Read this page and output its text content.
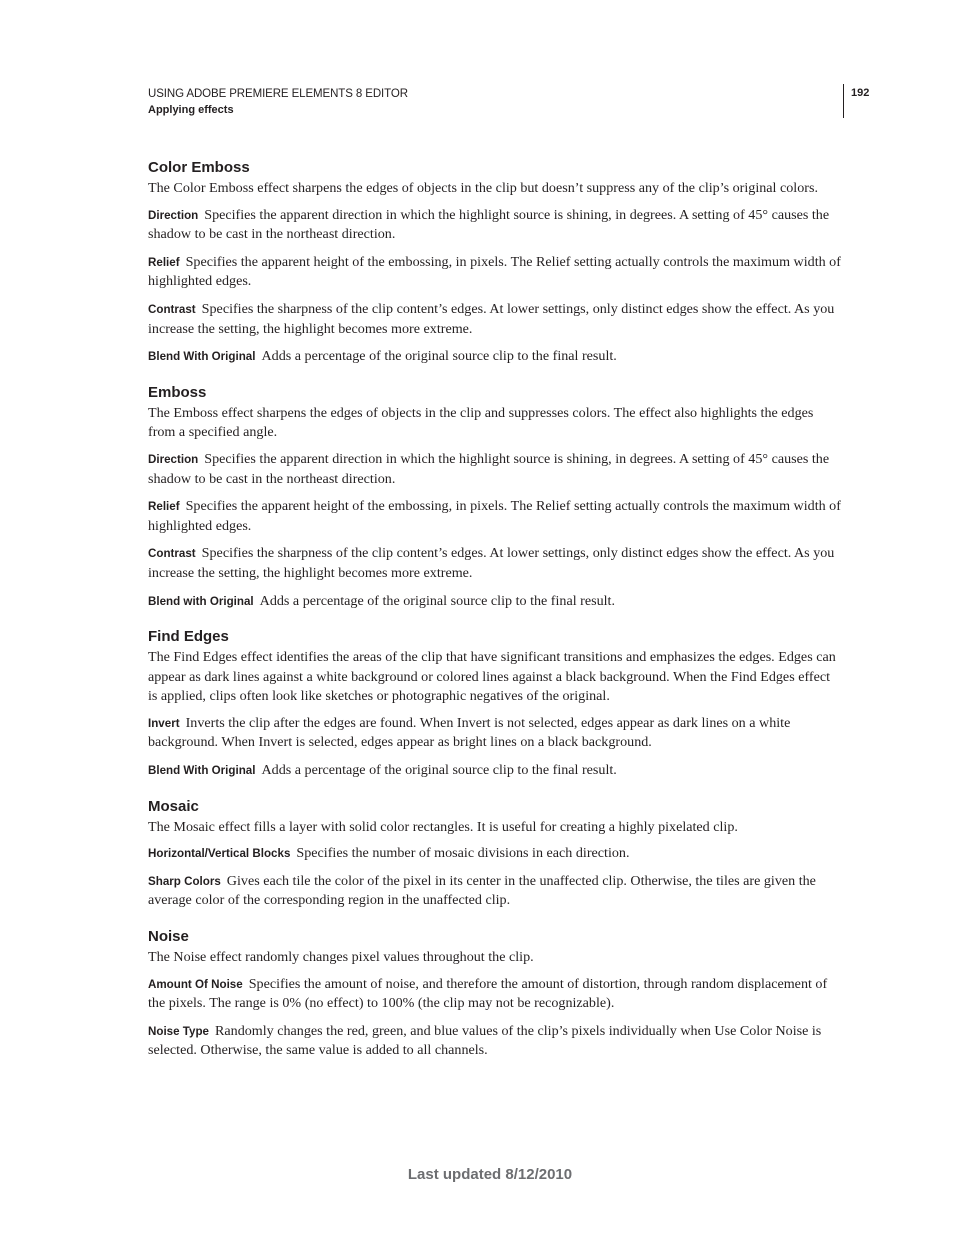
USING ADOBE PREMIERE ELEMENTS 8 EDITOR
Applying effects
192
Color Emboss
The Color Emboss effect sharpens the edges of objects in the clip but doesn’t suppress any of the clip’s original colors.
Direction Specifies the apparent direction in which the highlight source is shining, in degrees. A setting of 45° causes the shadow to be cast in the northeast direction.
Relief Specifies the apparent height of the embossing, in pixels. The Relief setting actually controls the maximum width of highlighted edges.
Contrast Specifies the sharpness of the clip content’s edges. At lower settings, only distinct edges show the effect. As you increase the setting, the highlight becomes more extreme.
Blend With Original Adds a percentage of the original source clip to the final result.
Emboss
The Emboss effect sharpens the edges of objects in the clip and suppresses colors. The effect also highlights the edges from a specified angle.
Direction Specifies the apparent direction in which the highlight source is shining, in degrees. A setting of 45° causes the shadow to be cast in the northeast direction.
Relief Specifies the apparent height of the embossing, in pixels. The Relief setting actually controls the maximum width of highlighted edges.
Contrast Specifies the sharpness of the clip content’s edges. At lower settings, only distinct edges show the effect. As you increase the setting, the highlight becomes more extreme.
Blend with Original Adds a percentage of the original source clip to the final result.
Find Edges
The Find Edges effect identifies the areas of the clip that have significant transitions and emphasizes the edges. Edges can appear as dark lines against a white background or colored lines against a black background. When the Find Edges effect is applied, clips often look like sketches or photographic negatives of the original.
Invert Inverts the clip after the edges are found. When Invert is not selected, edges appear as dark lines on a white background. When Invert is selected, edges appear as bright lines on a black background.
Blend With Original Adds a percentage of the original source clip to the final result.
Mosaic
The Mosaic effect fills a layer with solid color rectangles. It is useful for creating a highly pixelated clip.
Horizontal/Vertical Blocks Specifies the number of mosaic divisions in each direction.
Sharp Colors Gives each tile the color of the pixel in its center in the unaffected clip. Otherwise, the tiles are given the average color of the corresponding region in the unaffected clip.
Noise
The Noise effect randomly changes pixel values throughout the clip.
Amount Of Noise Specifies the amount of noise, and therefore the amount of distortion, through random displacement of the pixels. The range is 0% (no effect) to 100% (the clip may not be recognizable).
Noise Type Randomly changes the red, green, and blue values of the clip’s pixels individually when Use Color Noise is selected. Otherwise, the same value is added to all channels.
Last updated 8/12/2010
